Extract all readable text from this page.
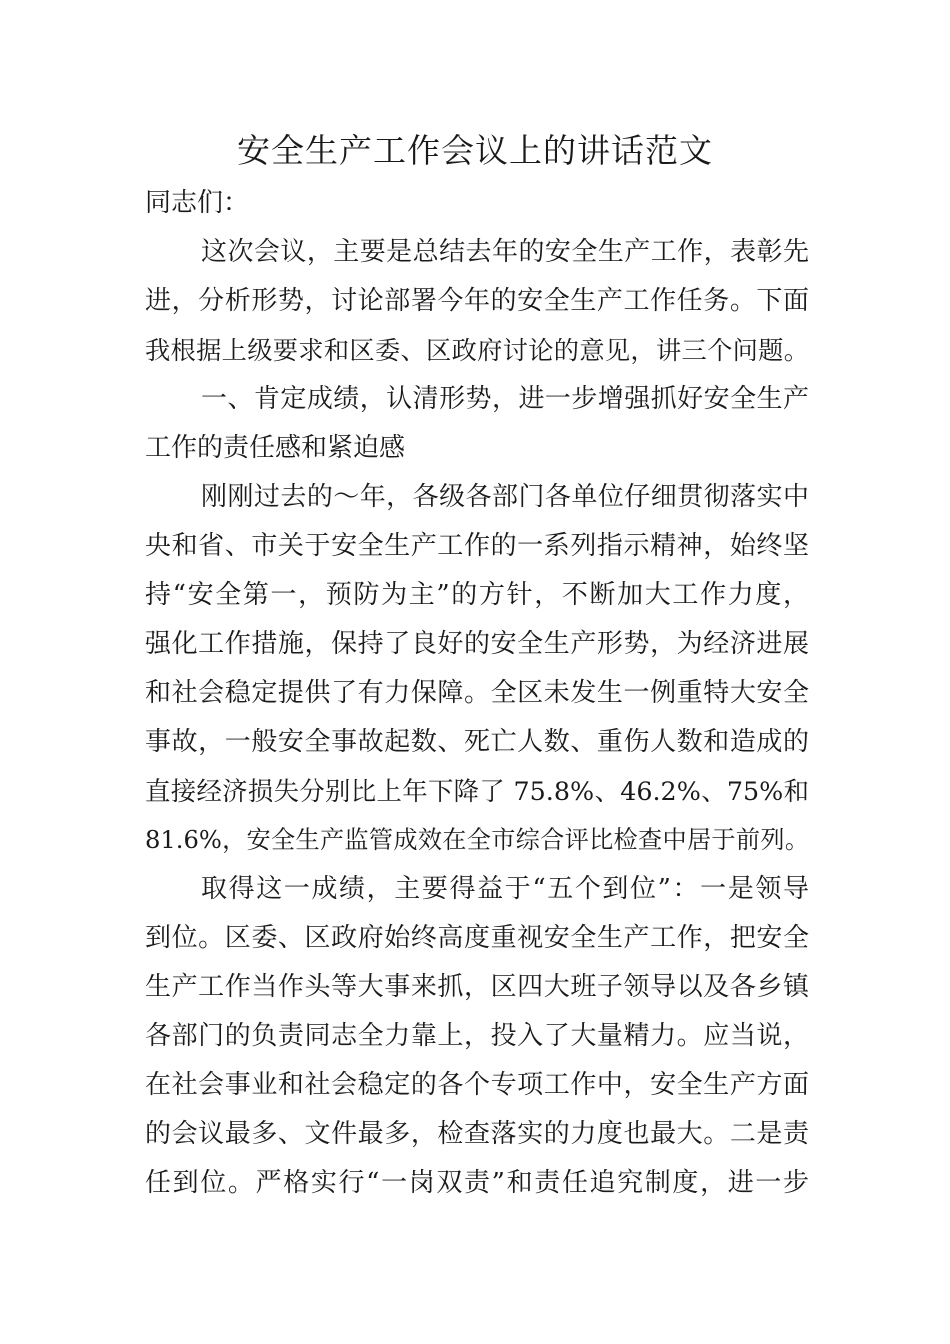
安全生产工作会议上的讲话范文
同志们：
这次会议，主要是总结去年的安全生产工作，表彰先
进，分析形势，讨论部署今年的安全生产工作任务。下面
我根据上级要求和区委、区政府讨论的意见，讲三个问题。
一、肯定成绩，认清形势，进一步增强抓好安全生产
工作的责任感和紧迫感
刚刚过去的～年，各级各部门各单位仔细贯彻落实中
央和省、市关于安全生产工作的一系列指示精神，始终坚
持“安全第一，预防为主”的方针，不断加大工作力度，
强化工作措施，保持了良好的安全生产形势，为经济进展
和社会稳定提供了有力保障。全区未发生一例重特大安全
事故，一般安全事故起数、死亡人数、重伤人数和造成的
直接经济损失分别比上年下降了 75.8%、46.2%、75%和
81.6%，安全生产监管成效在全市综合评比检查中居于前列。
取得这一成绩，主要得益于“五个到位”：一是领导
到位。区委、区政府始终高度重视安全生产工作，把安全
生产工作当作头等大事来抓，区四大班子领导以及各乡镇
各部门的负责同志全力靠上，投入了大量精力。应当说，
在社会事业和社会稳定的各个专项工作中，安全生产方面
的会议最多、文件最多，检查落实的力度也最大。二是责
任到位。严格实行“一岗双责”和责任追究制度，进一步
